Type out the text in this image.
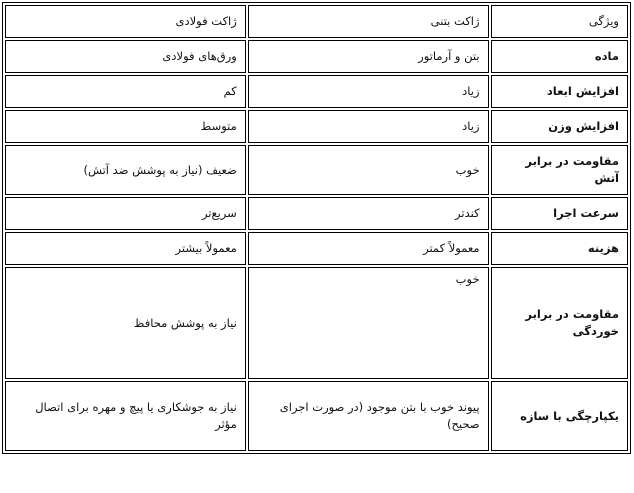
ویژگی	ژاکت بتنی	ژاکت فولادی
ماده	بتن و آرماتور	ورق‌های فولادی
افزایش ابعاد	زیاد	کم
افزایش وزن	زیاد	متوسط
مقاومت در برابر آتش	خوب	ضعیف (نیاز به پوشش ضد آتش)
سرعت اجرا	کندتر	سریع‌تر
هزینه	معمولاً کمتر	معمولاً بیشتر
مقاومت در برابر خوردگی	خوب	نیاز به پوشش محافظ
یکپارچگی با سازه	پیوند خوب با بتن موجود (در صورت اجرای صحیح)	نیاز به جوشکاری یا پیچ و مهره برای اتصال مؤثر
